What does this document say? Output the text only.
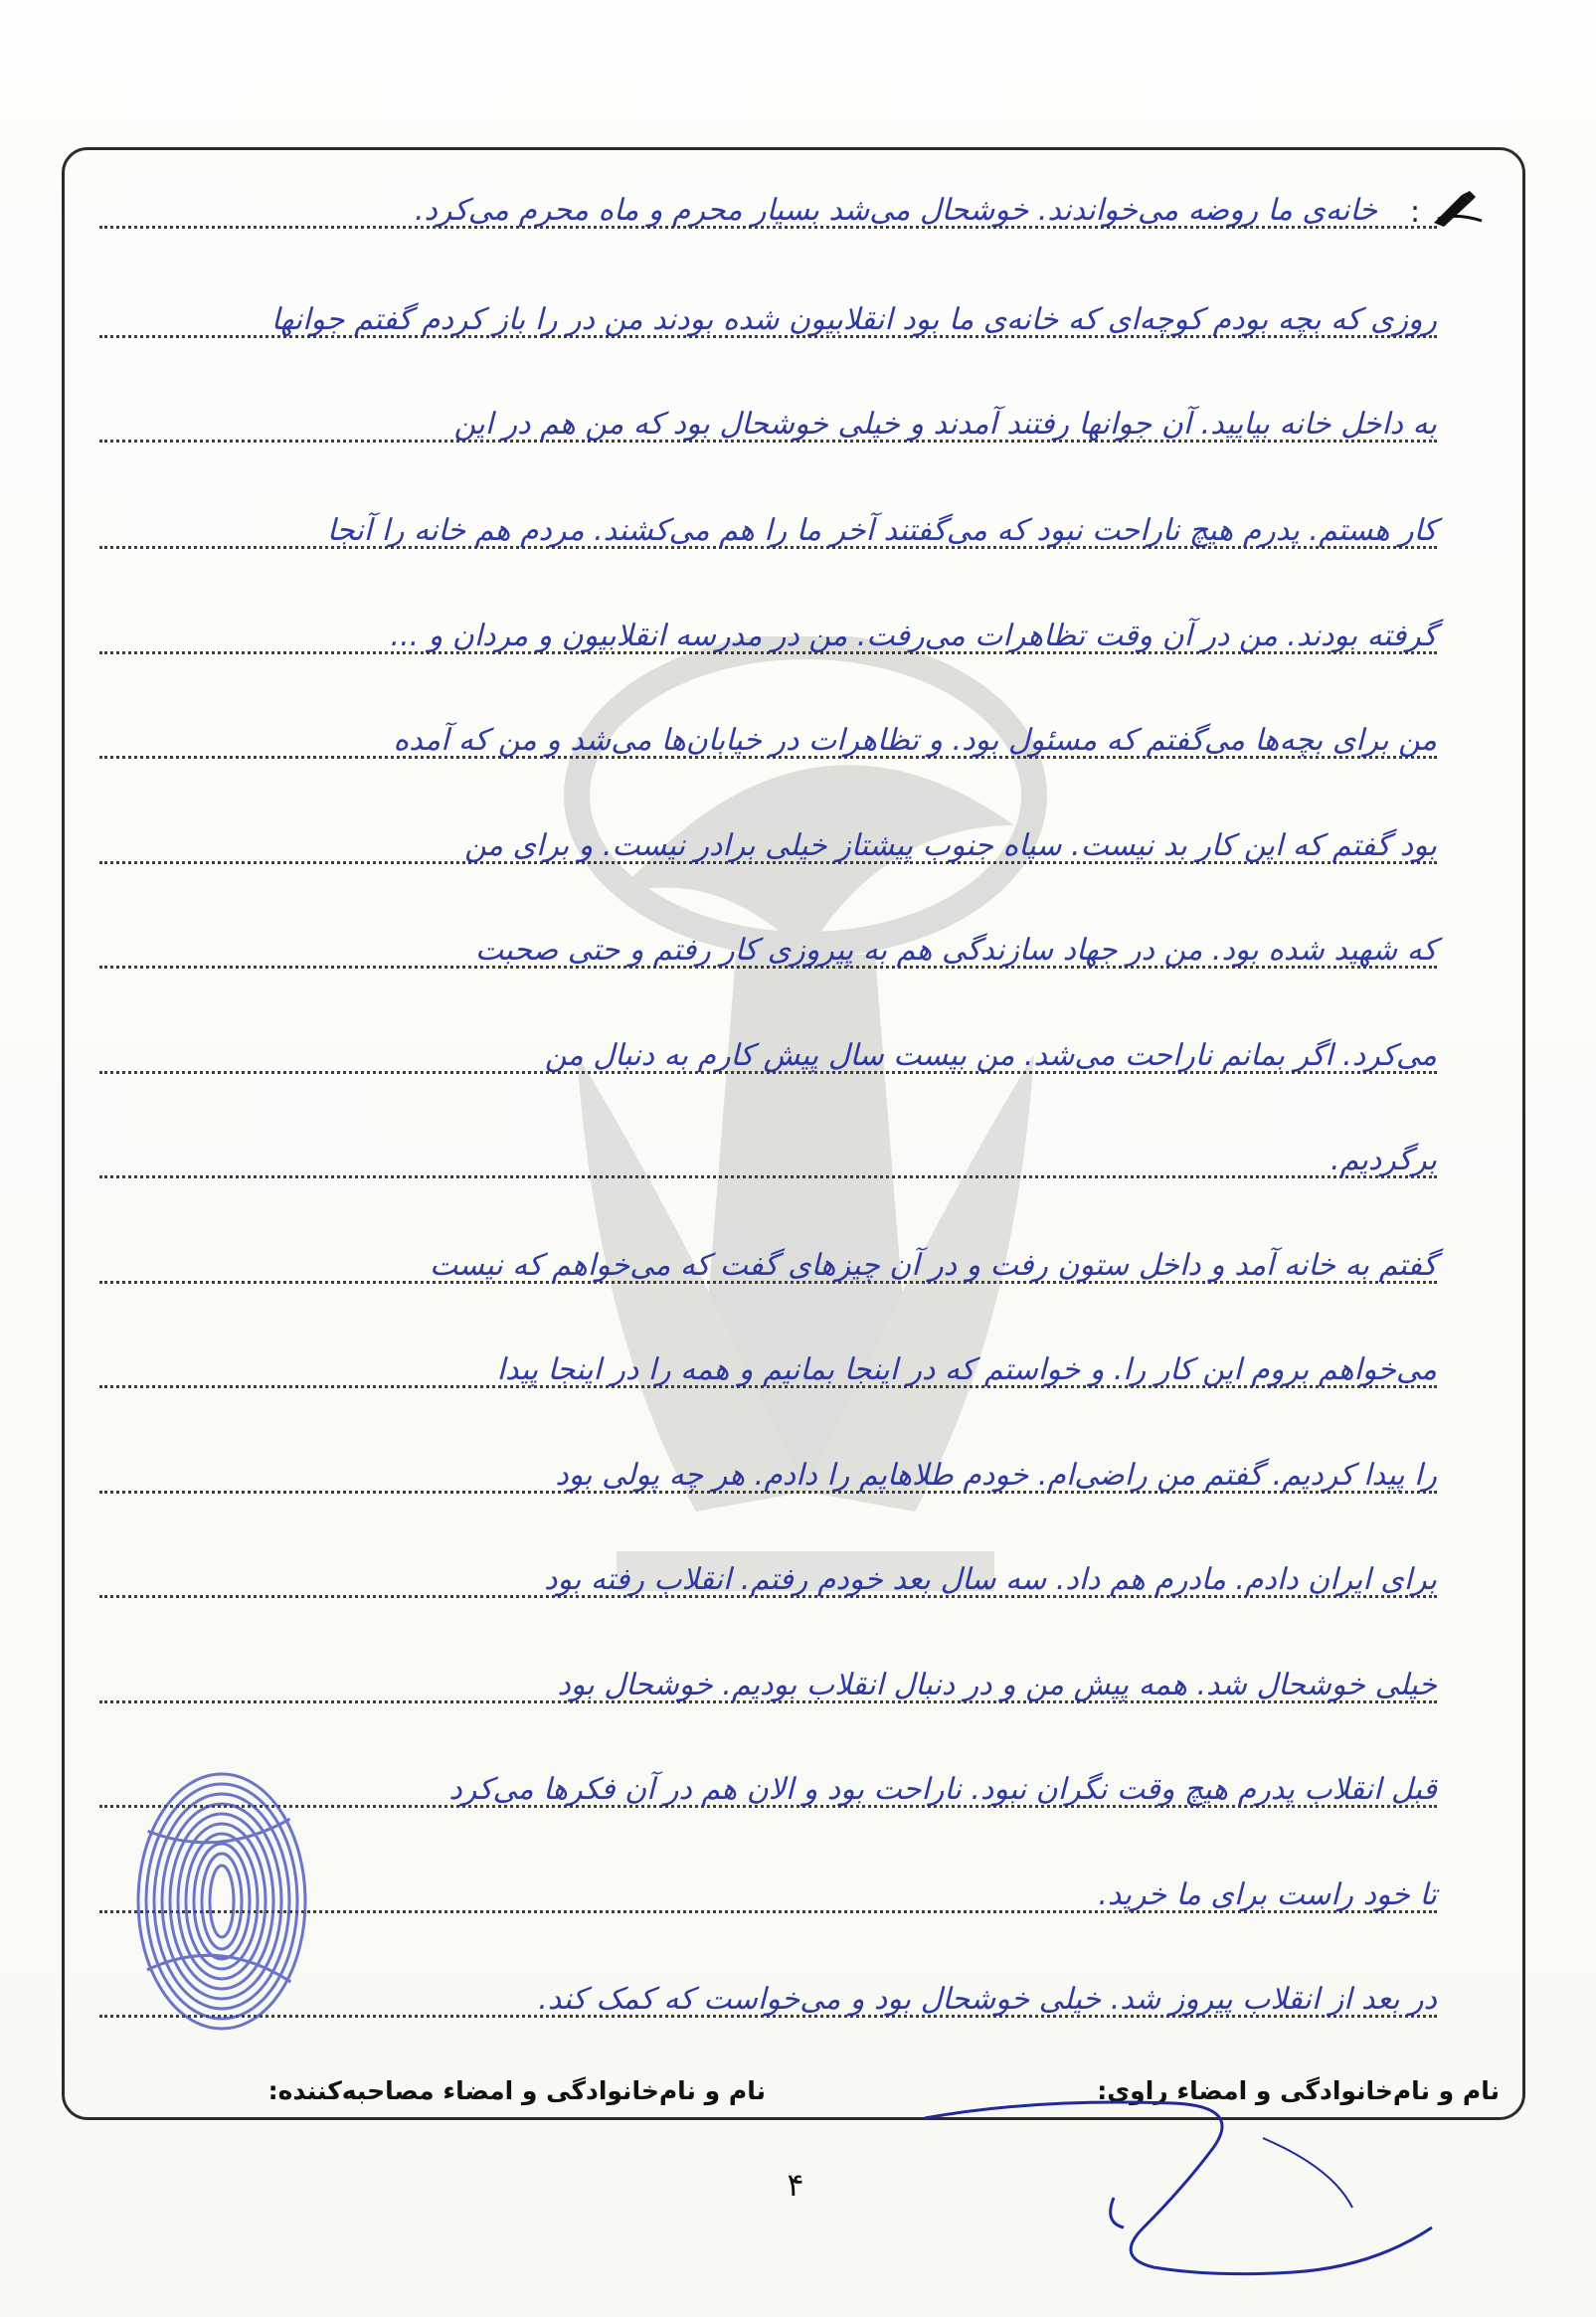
:
خانه‌ی ما روضه می‌خواندند. خوشحال می‌شد بسیار محرم و ماه محرم می‌کرد.
روزی که بچه بودم کوچه‌ای که خانه‌ی ما بود انقلابیون شده بودند من در را باز کردم گفتم جوانها
به داخل خانه بیایید. آن جوانها رفتند آمدند و خیلی خوشحال بود که من هم در این
کار هستم. پدرم هیچ ناراحت نبود که می‌گفتند آخر ما را هم می‌کشند. مردم هم خانه را آنجا
گرفته بودند. من در آن وقت تظاهرات می‌رفت. من در مدرسه انقلابیون و مردان و ...
من برای بچه‌ها می‌گفتم که مسئول بود. و تظاهرات در خیابان‌ها می‌شد و من که آمده
بود گفتم که این کار بد نیست. سپاه جنوب پیشتاز خیلی برادر نیست. و برای من
که شهید شده بود. من در جهاد سازندگی هم به پیروزی کار رفتم و حتی صحبت
می‌کرد. اگر بمانم ناراحت می‌شد. من بیست سال پیش کارم به دنبال من
برگردیم.
گفتم به خانه آمد و داخل ستون رفت و در آن چیزهای گفت که می‌خواهم که نیست
می‌خواهم بروم این کار را. و خواستم که در اینجا بمانیم و همه را در اینجا پیدا
را پیدا کردیم. گفتم من راضی‌ام. خودم طلاهایم را دادم. هر چه پولی بود
برای ایران دادم. مادرم هم داد. سه سال بعد خودم رفتم. انقلاب رفته بود
خیلی خوشحال شد. همه پیش من و در دنبال انقلاب بودیم. خوشحال بود
قبل انقلاب پدرم هیچ وقت نگران نبود. ناراحت بود و الان هم در آن فکرها می‌کرد
تا خود راست برای ما خرید.
در بعد از انقلاب پیروز شد. خیلی خوشحال بود و می‌خواست که کمک کند.
نام و نام‌خانوادگی و امضاء راوی:
نام و نام‌خانوادگی و امضاء مصاحبه‌کننده:
۴
